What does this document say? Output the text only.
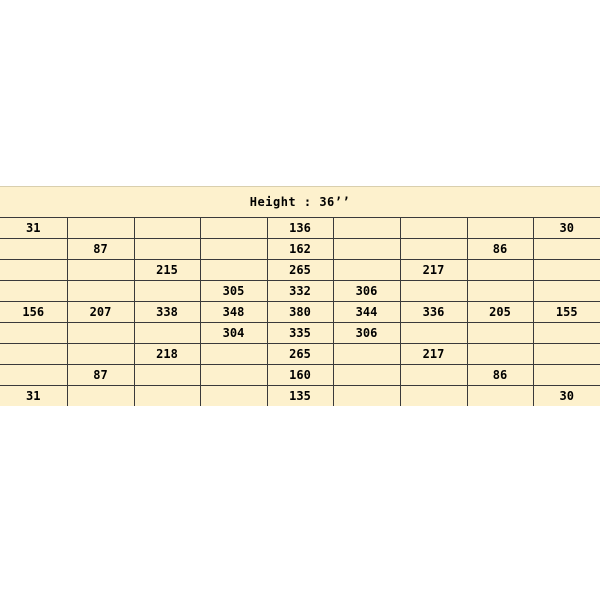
Height : 36’’								
31				136				30
	87			162			86	
		215		265		217		
			305	332	306			
156	207	338	348	380	344	336	205	155
			304	335	306			
		218		265		217		
	87			160			86	
31				135				30
